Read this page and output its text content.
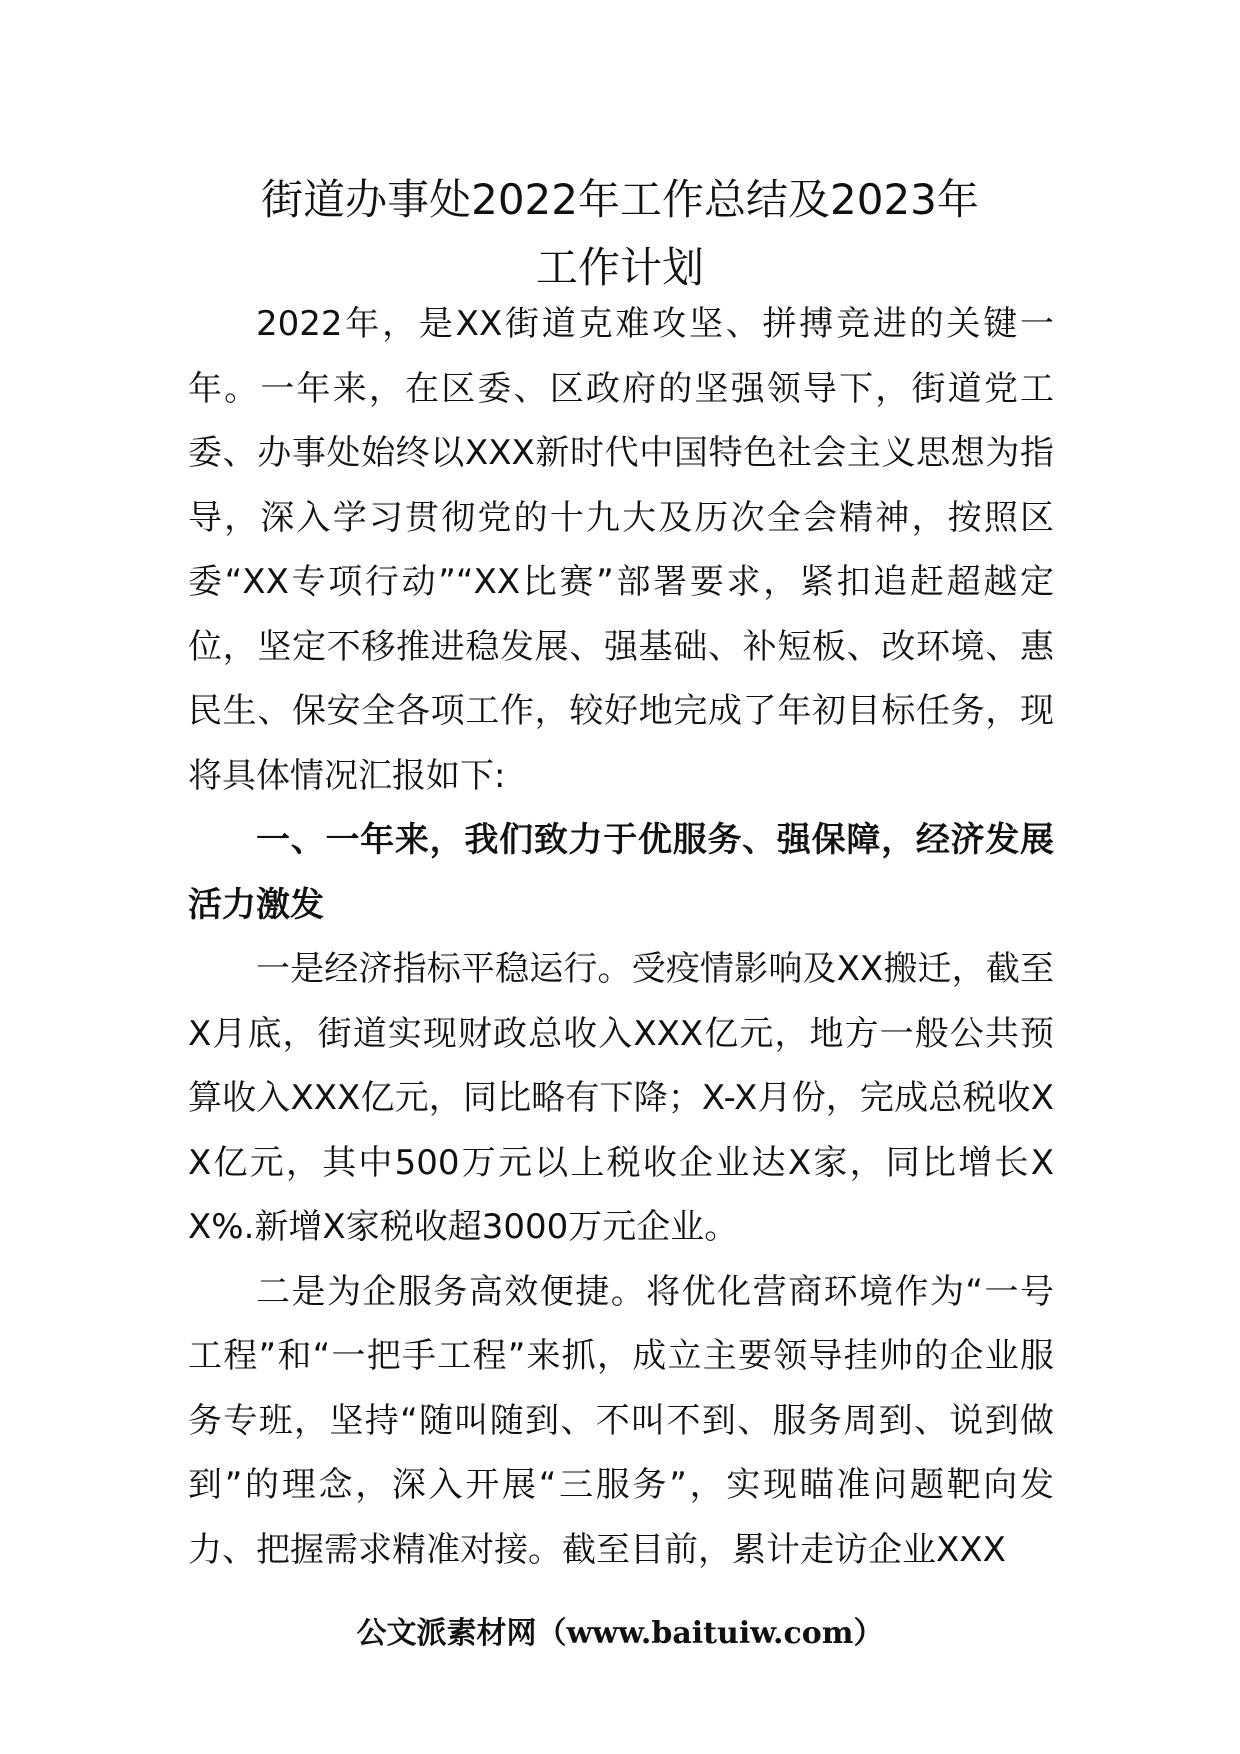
街道办事处2022年工作总结及2023年
工作计划

2022年，是XX街道克难攻坚、拼搏竞进的关键一年。一年来，在区委、区政府的坚强领导下，街道党工委、办事处始终以XXX新时代中国特色社会主义思想为指导，深入学习贯彻党的十九大及历次全会精神，按照区委“XX专项行动”“XX比赛”部署要求，紧扣追赶超越定位，坚定不移推进稳发展、强基础、补短板、改环境、惠民生、保安全各项工作，较好地完成了年初目标任务，现将具体情况汇报如下:

一、一年来，我们致力于优服务、强保障，经济发展活力激发

一是经济指标平稳运行。受疫情影响及XX搬迁，截至X月底，街道实现财政总收入XXX亿元，地方一般公共预算收入XXX亿元，同比略有下降；X-X月份，完成总税收XX亿元，其中500万元以上税收企业达X家，同比增长XX%.新增X家税收超3000万元企业。

二是为企服务高效便捷。将优化营商环境作为“一号工程”和“一把手工程”来抓，成立主要领导挂帅的企业服务专班，坚持“随叫随到、不叫不到、服务周到、说到做到”的理念，深入开展“三服务”，实现瞄准问题靶向发力、把握需求精准对接。截至目前，累计走访企业XXX

公文派素材网（www.baituiw.com）
